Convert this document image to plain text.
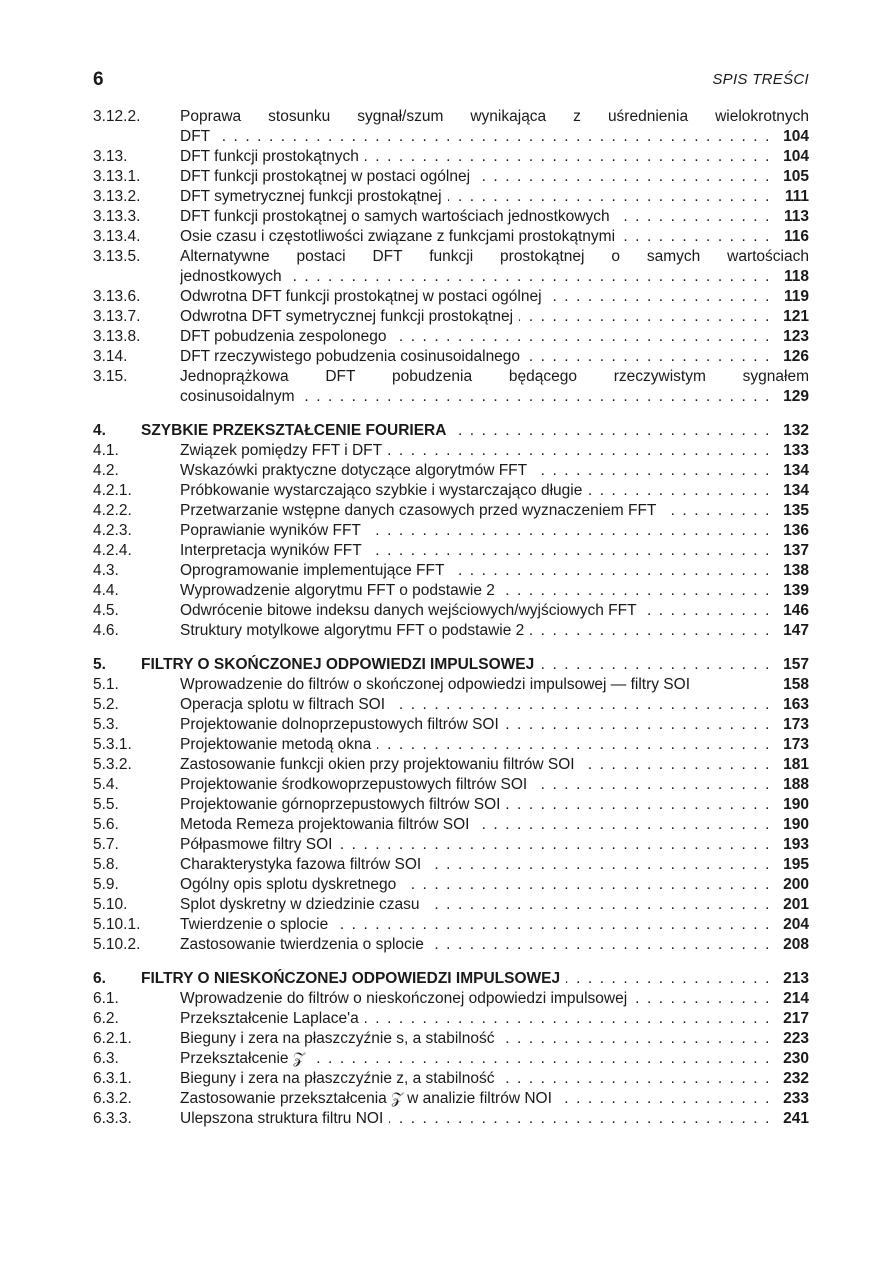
6	SPIS TREŚCI
3.12.2.	Poprawa stosunku sygnał/szum wynikająca z uśrednienia wielokrotnych
DFT . . .	104
3.13.	DFT funkcji prostokątnych . . .	104
3.13.1.	DFT funkcji prostokątnej w postaci ogólnej . . .	105
3.13.2.	DFT symetrycznej funkcji prostokątnej . . .	111
3.13.3.	DFT funkcji prostokątnej o samych wartościach jednostkowych . . .	113
3.13.4.	Osie czasu i częstotliwości związane z funkcjami prostokątnymi . . .	116
3.13.5.	Alternatywne postaci DFT funkcji prostokątnej o samych wartościach
jednostkowych . . .	118
3.13.6.	Odwrotna DFT funkcji prostokątnej w postaci ogólnej . . .	119
3.13.7.	Odwrotna DFT symetrycznej funkcji prostokątnej . . .	121
3.13.8.	DFT pobudzenia zespolonego . . .	123
3.14.	DFT rzeczywistego pobudzenia cosinusoidalnego . . .	126
3.15.	Jednoprążkowa DFT pobudzenia będącego rzeczywistym sygnałem
cosinusoidalnym . . .	129
4.	SZYBKIE PRZEKSZTAŁCENIE FOURIERA . . .	132
4.1.	Związek pomiędzy FFT i DFT . . .	133
4.2.	Wskazówki praktyczne dotyczące algorytmów FFT . . .	134
4.2.1.	Próbkowanie wystarczająco szybkie i wystarczająco długie . . .	134
4.2.2.	Przetwarzanie wstępne danych czasowych przed wyznaczeniem FFT . . .	135
4.2.3.	Poprawianie wyników FFT . . .	136
4.2.4.	Interpretacja wyników FFT . . .	137
4.3.	Oprogramowanie implementujące FFT . . .	138
4.4.	Wyprowadzenie algorytmu FFT o podstawie 2 . . .	139
4.5.	Odwrócenie bitowe indeksu danych wejściowych/wyjściowych FFT . . .	146
4.6.	Struktury motylkowe algorytmu FFT o podstawie 2 . . .	147
5.	FILTRY O SKOŃCZONEJ ODPOWIEDZI IMPULSOWEJ . . .	157
5.1.	Wprowadzenie do filtrów o skończonej odpowiedzi impulsowej — filtry SOI	158
5.2.	Operacja splotu w filtrach SOI . . .	163
5.3.	Projektowanie dolnoprzepustowych filtrów SOI . . .	173
5.3.1.	Projektowanie metodą okna . . .	173
5.3.2.	Zastosowanie funkcji okien przy projektowaniu filtrów SOI . . .	181
5.4.	Projektowanie środkowoprzepustowych filtrów SOI . . .	188
5.5.	Projektowanie górnoprzepustowych filtrów SOI . . .	190
5.6.	Metoda Remeza projektowania filtrów SOI . . .	190
5.7.	Półpasmowe filtry SOI . . .	193
5.8.	Charakterystyka fazowa filtrów SOI . . .	195
5.9.	Ogólny opis splotu dyskretnego . . .	200
5.10.	Splot dyskretny w dziedzinie czasu . . .	201
5.10.1.	Twierdzenie o splocie . . .	204
5.10.2.	Zastosowanie twierdzenia o splocie . . .	208
6.	FILTRY O NIESKOŃCZONEJ ODPOWIEDZI IMPULSOWEJ . . .	213
6.1.	Wprowadzenie do filtrów o nieskończonej odpowiedzi impulsowej . . .	214
6.2.	Przekształcenie Laplace'a . . .	217
6.2.1.	Bieguny i zera na płaszczyźnie s, a stabilność . . .	223
6.3.	Przekształcenie 𝒵 . . .	230
6.3.1.	Bieguny i zera na płaszczyźnie z, a stabilność . . .	232
6.3.2.	Zastosowanie przekształcenia 𝒵 w analizie filtrów NOI . . .	233
6.3.3.	Ulepszona struktura filtru NOI . . .	241
